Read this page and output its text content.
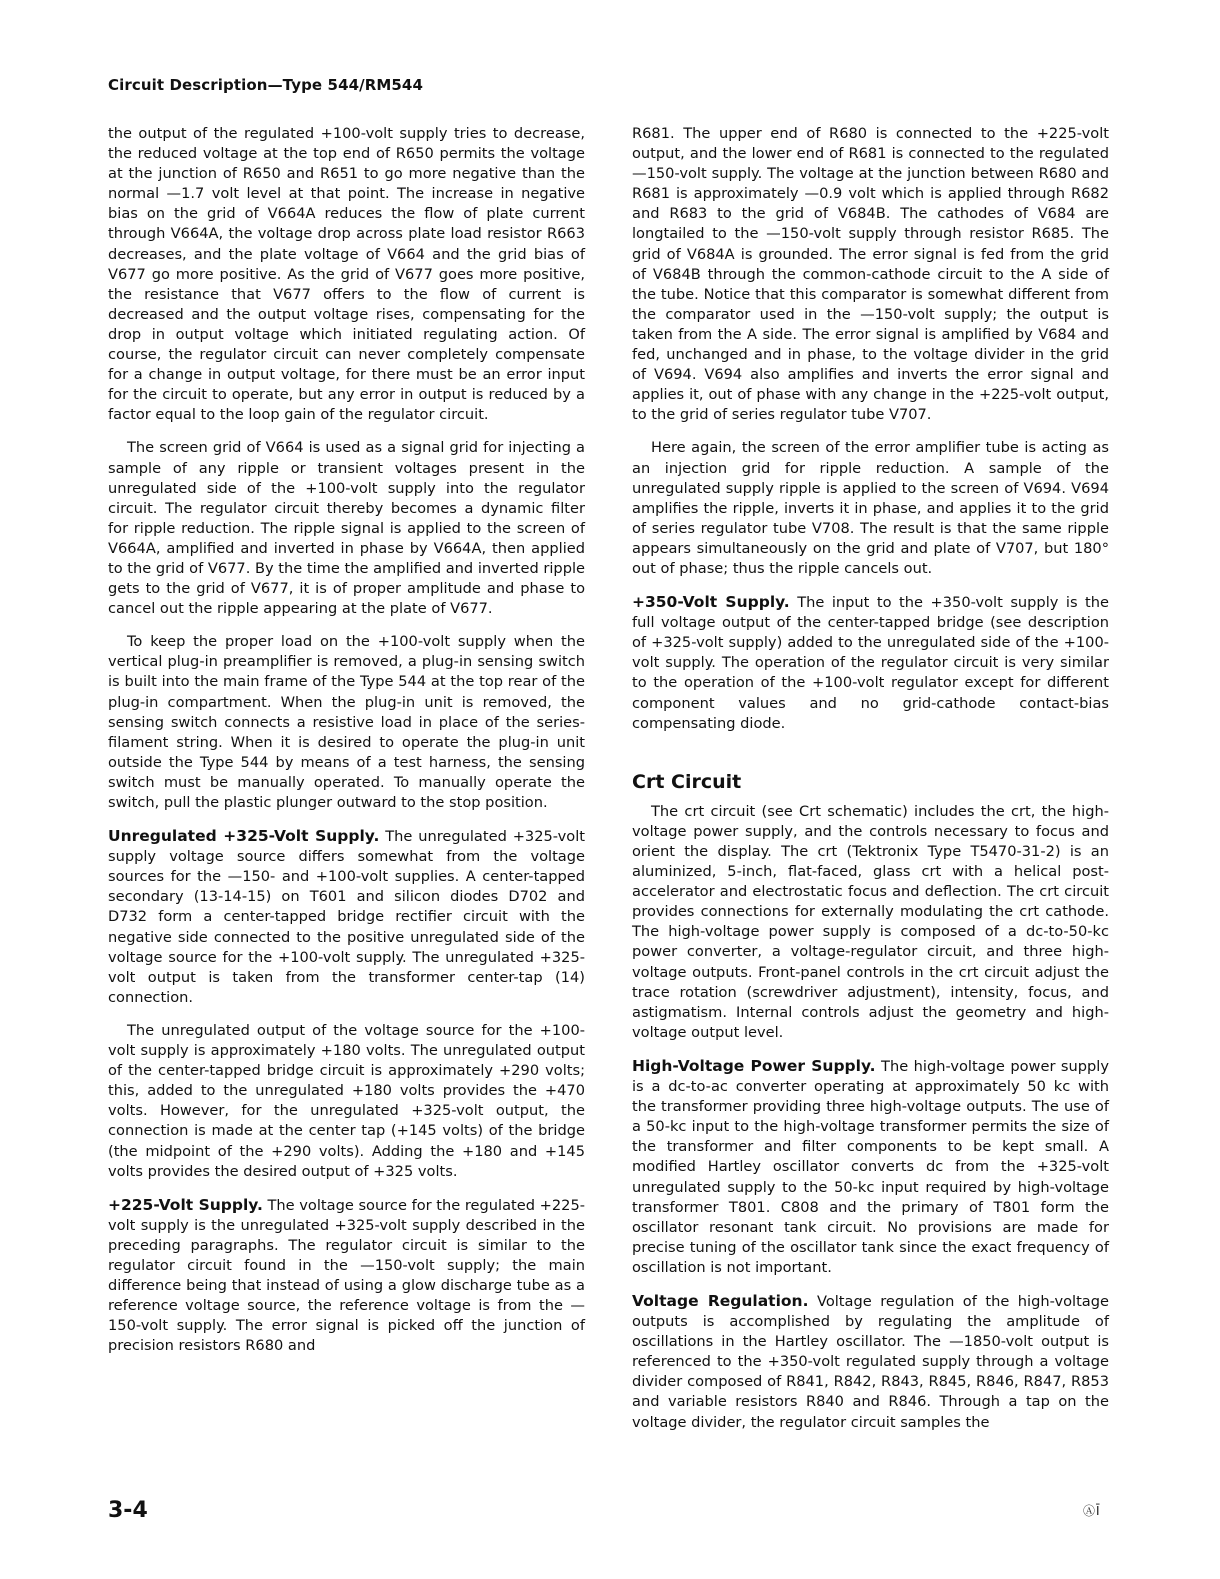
Circuit Description—Type 544/RM544

the output of the regulated +100-volt supply tries to decrease, the reduced voltage at the top end of R650 permits the voltage at the junction of R650 and R651 to go more negative than the normal —1.7 volt level at that point. The increase in negative bias on the grid of V664A reduces the flow of plate current through V664A, the voltage drop across plate load resistor R663 decreases, and the plate voltage of V664 and the grid bias of V677 go more positive. As the grid of V677 goes more positive, the resistance that V677 offers to the flow of current is decreased and the output voltage rises, compensating for the drop in output voltage which initiated regulating action. Of course, the regulator circuit can never completely compensate for a change in output voltage, for there must be an error input for the circuit to operate, but any error in output is reduced by a factor equal to the loop gain of the regulator circuit.

The screen grid of V664 is used as a signal grid for injecting a sample of any ripple or transient voltages present in the unregulated side of the +100-volt supply into the regulator circuit. The regulator circuit thereby becomes a dynamic filter for ripple reduction. The ripple signal is applied to the screen of V664A, amplified and inverted in phase by V664A, then applied to the grid of V677. By the time the amplified and inverted ripple gets to the grid of V677, it is of proper amplitude and phase to cancel out the ripple appearing at the plate of V677.

To keep the proper load on the +100-volt supply when the vertical plug-in preamplifier is removed, a plug-in sensing switch is built into the main frame of the Type 544 at the top rear of the plug-in compartment. When the plug-in unit is removed, the sensing switch connects a resistive load in place of the series-filament string. When it is desired to operate the plug-in unit outside the Type 544 by means of a test harness, the sensing switch must be manually operated. To manually operate the switch, pull the plastic plunger outward to the stop position.

Unregulated +325-Volt Supply. The unregulated +325-volt supply voltage source differs somewhat from the voltage sources for the —150- and +100-volt supplies. A center-tapped secondary (13-14-15) on T601 and silicon diodes D702 and D732 form a center-tapped bridge rectifier circuit with the negative side connected to the positive unregulated side of the voltage source for the +100-volt supply. The unregulated +325-volt output is taken from the transformer center-tap (14) connection.

The unregulated output of the voltage source for the +100-volt supply is approximately +180 volts. The unregulated output of the center-tapped bridge circuit is approximately +290 volts; this, added to the unregulated +180 volts provides the +470 volts. However, for the unregulated +325-volt output, the connection is made at the center tap (+145 volts) of the bridge (the midpoint of the +290 volts). Adding the +180 and +145 volts provides the desired output of +325 volts.

+225-Volt Supply. The voltage source for the regulated +225-volt supply is the unregulated +325-volt supply described in the preceding paragraphs. The regulator circuit is similar to the regulator circuit found in the —150-volt supply; the main difference being that instead of using a glow discharge tube as a reference voltage source, the reference voltage is from the —150-volt supply. The error signal is picked off the junction of precision resistors R680 and

R681. The upper end of R680 is connected to the +225-volt output, and the lower end of R681 is connected to the regulated —150-volt supply. The voltage at the junction between R680 and R681 is approximately —0.9 volt which is applied through R682 and R683 to the grid of V684B. The cathodes of V684 are longtailed to the —150-volt supply through resistor R685. The grid of V684A is grounded. The error signal is fed from the grid of V684B through the common-cathode circuit to the A side of the tube. Notice that this comparator is somewhat different from the comparator used in the —150-volt supply; the output is taken from the A side. The error signal is amplified by V684 and fed, unchanged and in phase, to the voltage divider in the grid of V694. V694 also amplifies and inverts the error signal and applies it, out of phase with any change in the +225-volt output, to the grid of series regulator tube V707.

Here again, the screen of the error amplifier tube is acting as an injection grid for ripple reduction. A sample of the unregulated supply ripple is applied to the screen of V694. V694 amplifies the ripple, inverts it in phase, and applies it to the grid of series regulator tube V708. The result is that the same ripple appears simultaneously on the grid and plate of V707, but 180° out of phase; thus the ripple cancels out.

+350-Volt Supply. The input to the +350-volt supply is the full voltage output of the center-tapped bridge (see description of +325-volt supply) added to the unregulated side of the +100-volt supply. The operation of the regulator circuit is very similar to the operation of the +100-volt regulator except for different component values and no grid-cathode contact-bias compensating diode.

Crt Circuit

The crt circuit (see Crt schematic) includes the crt, the high-voltage power supply, and the controls necessary to focus and orient the display. The crt (Tektronix Type T5470-31-2) is an aluminized, 5-inch, flat-faced, glass crt with a helical post-accelerator and electrostatic focus and deflection. The crt circuit provides connections for externally modulating the crt cathode. The high-voltage power supply is composed of a dc-to-50-kc power converter, a voltage-regulator circuit, and three high-voltage outputs. Front-panel controls in the crt circuit adjust the trace rotation (screwdriver adjustment), intensity, focus, and astigmatism. Internal controls adjust the geometry and high-voltage output level.

High-Voltage Power Supply. The high-voltage power supply is a dc-to-ac converter operating at approximately 50 kc with the transformer providing three high-voltage outputs. The use of a 50-kc input to the high-voltage transformer permits the size of the transformer and filter components to be kept small. A modified Hartley oscillator converts dc from the +325-volt unregulated supply to the 50-kc input required by high-voltage transformer T801. C808 and the primary of T801 form the oscillator resonant tank circuit. No provisions are made for precise tuning of the oscillator tank since the exact frequency of oscillation is not important.

Voltage Regulation. Voltage regulation of the high-voltage outputs is accomplished by regulating the amplitude of oscillations in the Hartley oscillator. The —1850-volt output is referenced to the +350-volt regulated supply through a voltage divider composed of R841, R842, R843, R845, R846, R847, R853 and variable resistors R840 and R846. Through a tap on the voltage divider, the regulator circuit samples the

3-4	ⒶĪ
